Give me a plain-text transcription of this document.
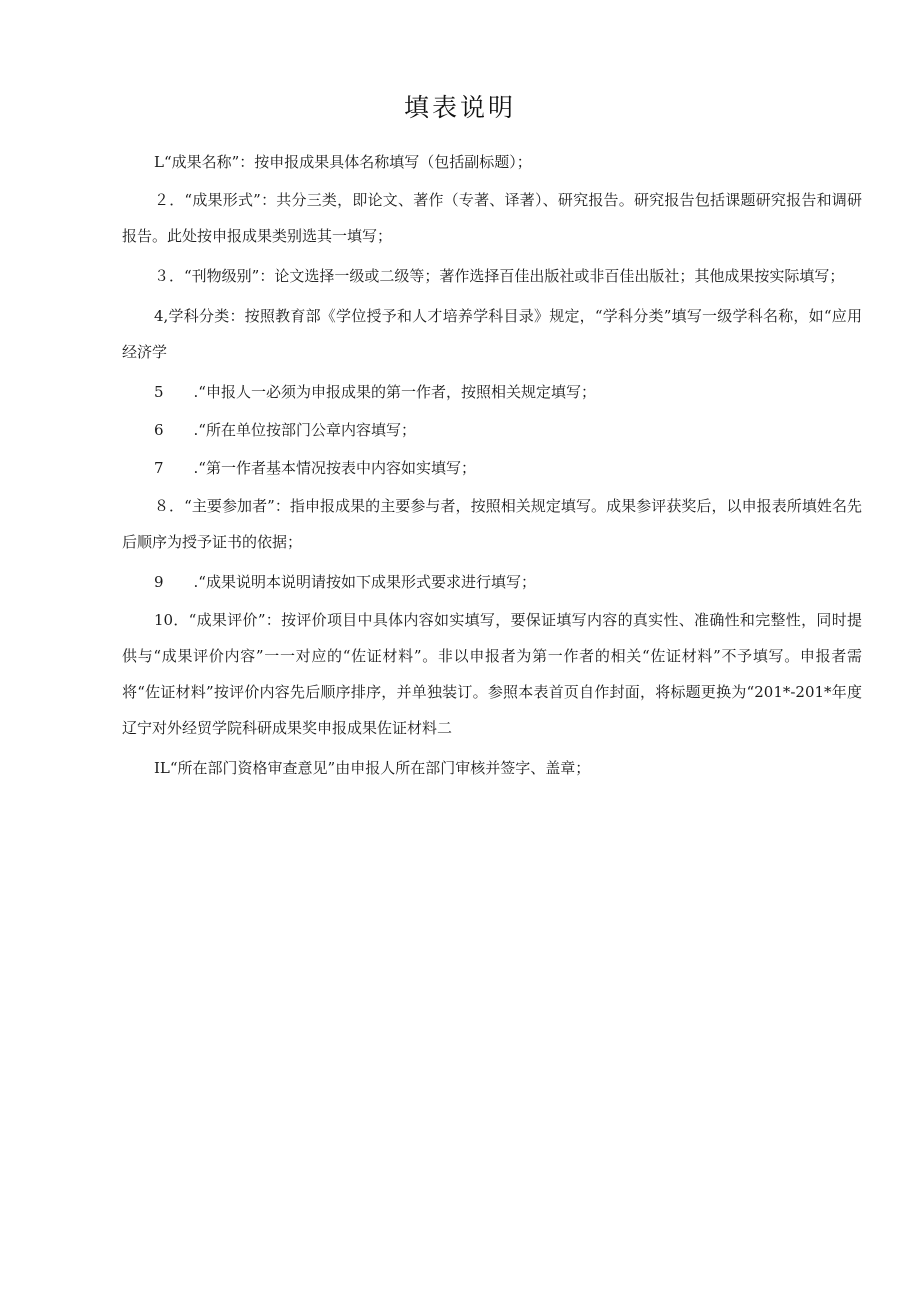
填表说明

L“成果名称”：按申报成果具体名称填写（包括副标题）；

２．“成果形式”：共分三类，即论文、著作（专著、译著）、研究报告。研究报告包括课题研究报告和调研报告。此处按申报成果类别选其一填写；

３．“刊物级别”：论文选择一级或二级等；著作选择百佳出版社或非百佳出版社；其他成果按实际填写；

4,学科分类：按照教育部《学位授予和人才培养学科目录》规定，“学科分类”填写一级学科名称，如“应用经济学

5　　.“申报人一必须为申报成果的第一作者，按照相关规定填写；

6　　.“所在单位按部门公章内容填写；

7　　.“第一作者基本情况按表中内容如实填写；

８．“主要参加者”：指申报成果的主要参与者，按照相关规定填写。成果参评获奖后，以申报表所填姓名先后顺序为授予证书的依据；

9　　.“成果说明本说明请按如下成果形式要求进行填写；

10．“成果评价”：按评价项目中具体内容如实填写，要保证填写内容的真实性、准确性和完整性，同时提供与“成果评价内容”一一对应的“佐证材料”。非以申报者为第一作者的相关“佐证材料”不予填写。申报者需将“佐证材料”按评价内容先后顺序排序，并单独装订。参照本表首页自作封面，将标题更换为“201*-201*年度辽宁对外经贸学院科研成果奖申报成果佐证材料二

IL“所在部门资格审查意见”由申报人所在部门审核并签字、盖章；
